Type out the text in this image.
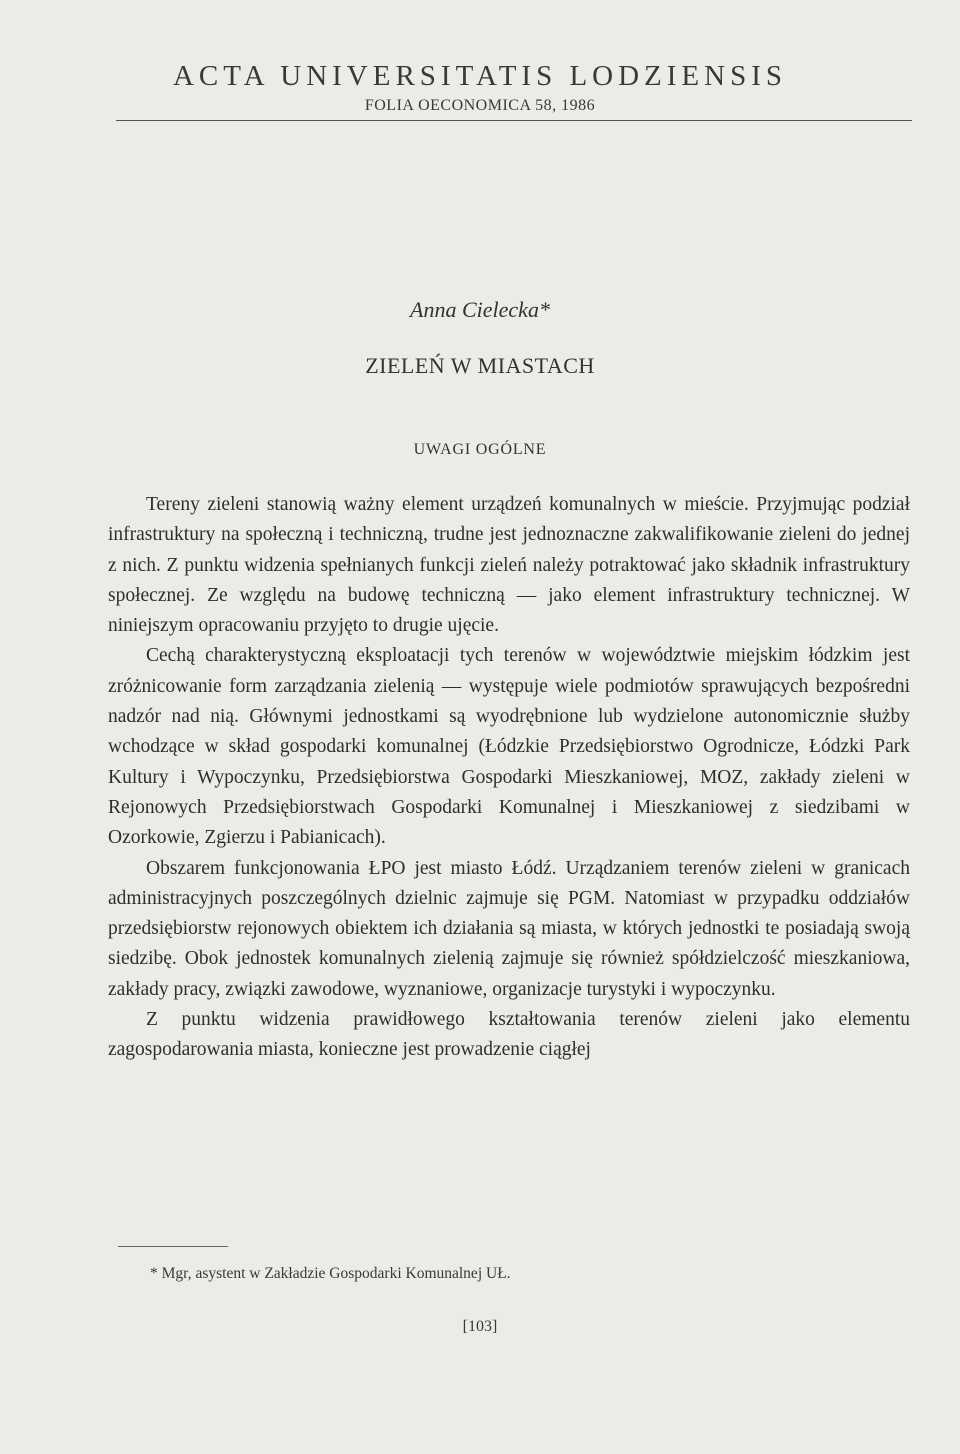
ACTA UNIVERSITATIS LODZIENSIS
FOLIA OECONOMICA 58, 1986
Anna Cielecka*
ZIELEŃ W MIASTACH
UWAGI OGÓLNE

Tereny zieleni stanowią ważny element urządzeń komunalnych w mieście. Przyjmując podział infrastruktury na społeczną i techniczną, trudne jest jednoznaczne zakwalifikowanie zieleni do jednej z nich. Z punktu widzenia spełnianych funkcji zieleń należy potraktować jako składnik infrastruktury społecznej. Ze względu na budowę techniczną — jako element infrastruktury technicznej. W niniejszym opracowaniu przyjęto to drugie ujęcie.

Cechą charakterystyczną eksploatacji tych terenów w województwie miejskim łódzkim jest zróżnicowanie form zarządzania zielenią — występuje wiele podmiotów sprawujących bezpośredni nadzór nad nią. Głównymi jednostkami są wyodrębnione lub wydzielone autonomicznie służby wchodzące w skład gospodarki komunalnej (Łódzkie Przedsiębiorstwo Ogrodnicze, Łódzki Park Kultury i Wypoczynku, Przedsiębiorstwa Gospodarki Mieszkaniowej, MOZ, zakłady zieleni w Rejonowych Przedsiębiorstwach Gospodarki Komunalnej i Mieszkaniowej z siedzibami w Ozorkowie, Zgierzu i Pabianicach).

Obszarem funkcjonowania ŁPO jest miasto Łódź. Urządzaniem terenów zieleni w granicach administracyjnych poszczególnych dzielnic zajmuje się PGM. Natomiast w przypadku oddziałów przedsiębiorstw rejonowych obiektem ich działania są miasta, w których jednostki te posiadają swoją siedzibę. Obok jednostek komunalnych zielenią zajmuje się również spółdzielczość mieszkaniowa, zakłady pracy, związki zawodowe, wyznaniowe, organizacje turystyki i wypoczynku.

Z punktu widzenia prawidłowego kształtowania terenów zieleni jako elementu zagospodarowania miasta, konieczne jest prowadzenie ciągłej

* Mgr, asystent w Zakładzie Gospodarki Komunalnej UŁ.
[103]
